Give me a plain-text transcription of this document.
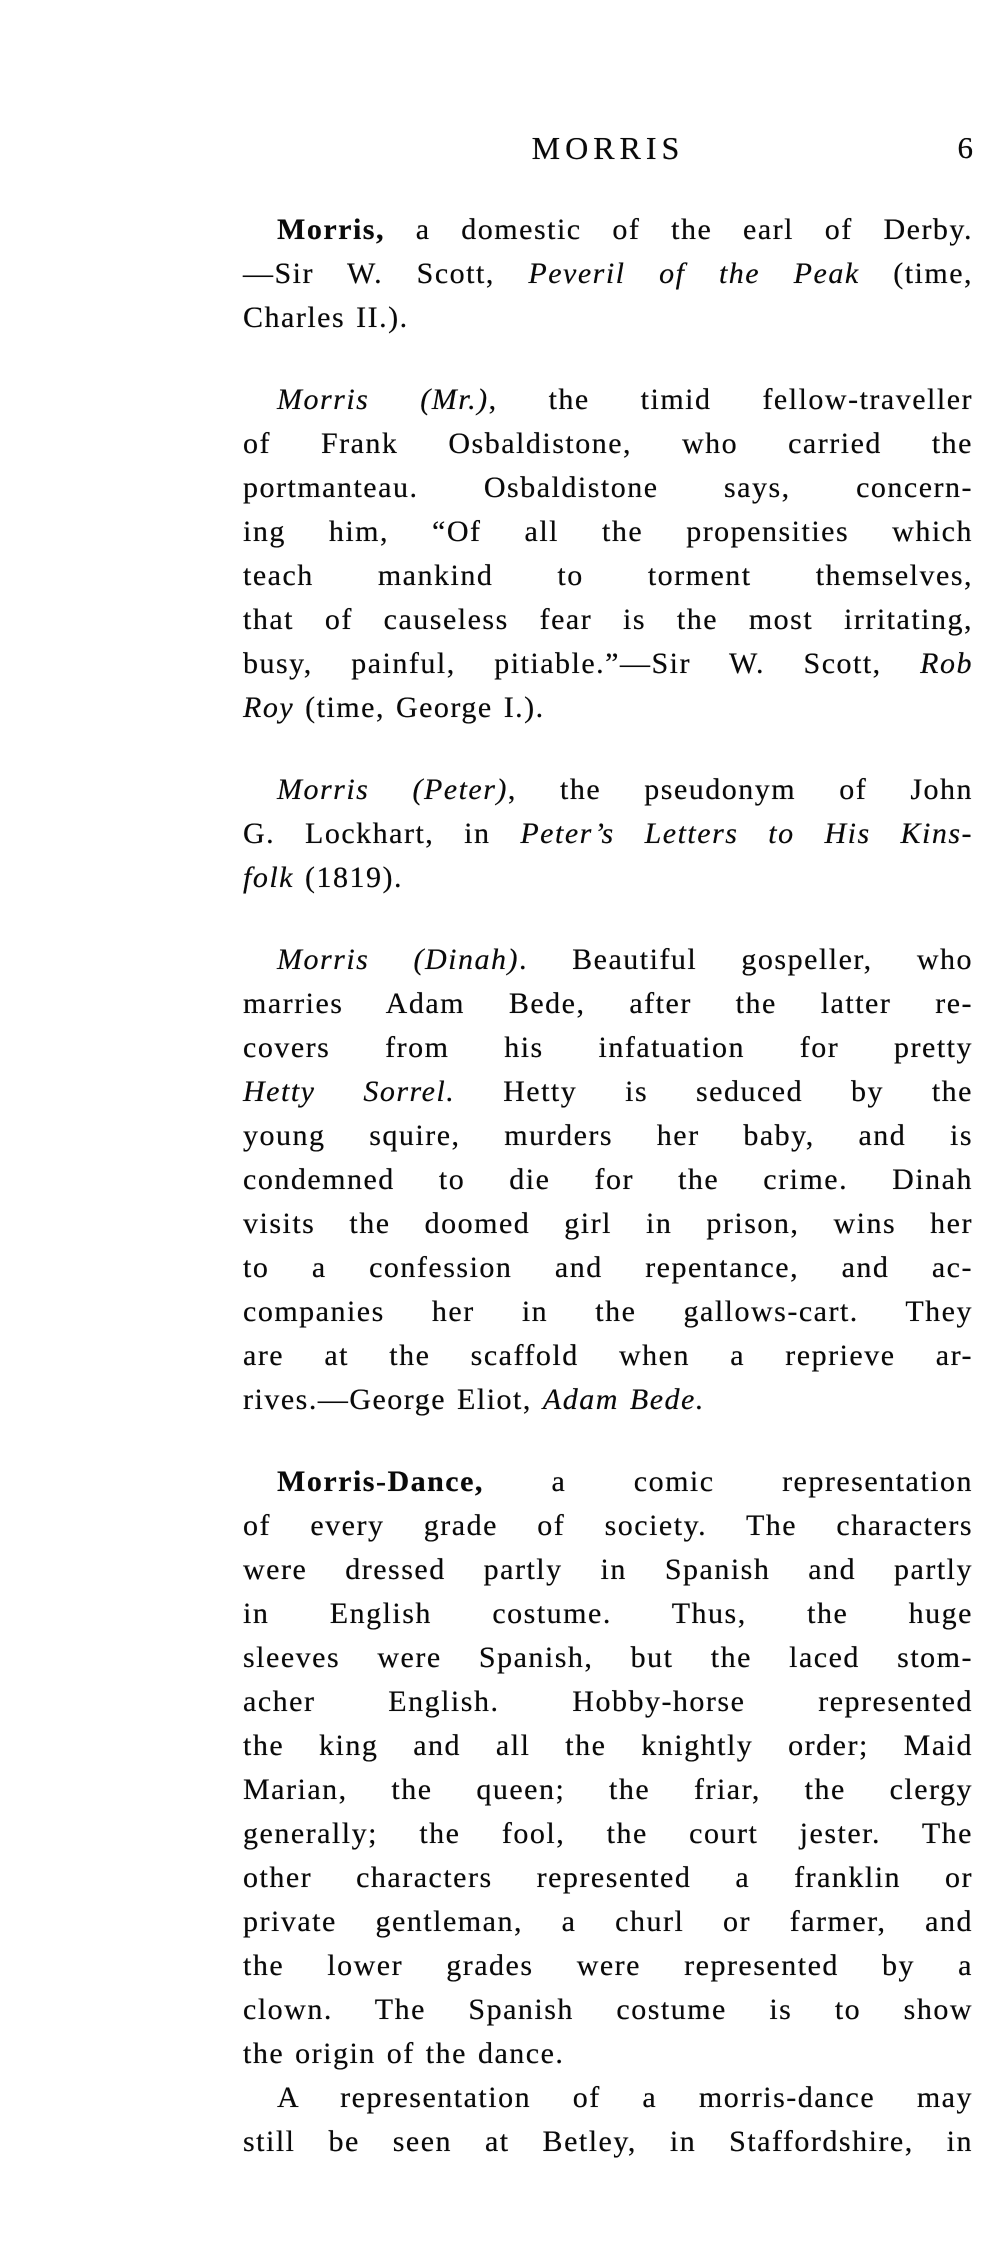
MORRIS	6
Morris, a domestic of the earl of Derby.
—Sir W. Scott, Peveril of the Peak (time,
Charles II.).
Morris (Mr.), the timid fellow-traveller
of Frank Osbaldistone, who carried the
portmanteau. Osbaldistone says, concern-
ing him, “Of all the propensities which
teach mankind to torment themselves,
that of causeless fear is the most irritating,
busy, painful, pitiable.”—Sir W. Scott, Rob
Roy (time, George I.).
Morris (Peter), the pseudonym of John
G. Lockhart, in Peter’s Letters to His Kins-
folk (1819).
Morris (Dinah). Beautiful gospeller, who
marries Adam Bede, after the latter re-
covers from his infatuation for pretty
Hetty Sorrel. Hetty is seduced by the
young squire, murders her baby, and is
condemned to die for the crime. Dinah
visits the doomed girl in prison, wins her
to a confession and repentance, and ac-
companies her in the gallows-cart. They
are at the scaffold when a reprieve ar-
rives.—George Eliot, Adam Bede.
Morris-Dance, a comic representation
of every grade of society. The characters
were dressed partly in Spanish and partly
in English costume. Thus, the huge
sleeves were Spanish, but the laced stom-
acher English. Hobby-horse represented
the king and all the knightly order; Maid
Marian, the queen; the friar, the clergy
generally; the fool, the court jester. The
other characters represented a franklin or
private gentleman, a churl or farmer, and
the lower grades were represented by a
clown. The Spanish costume is to show
the origin of the dance.
A representation of a morris-dance may
still be seen at Betley, in Staffordshire, in
